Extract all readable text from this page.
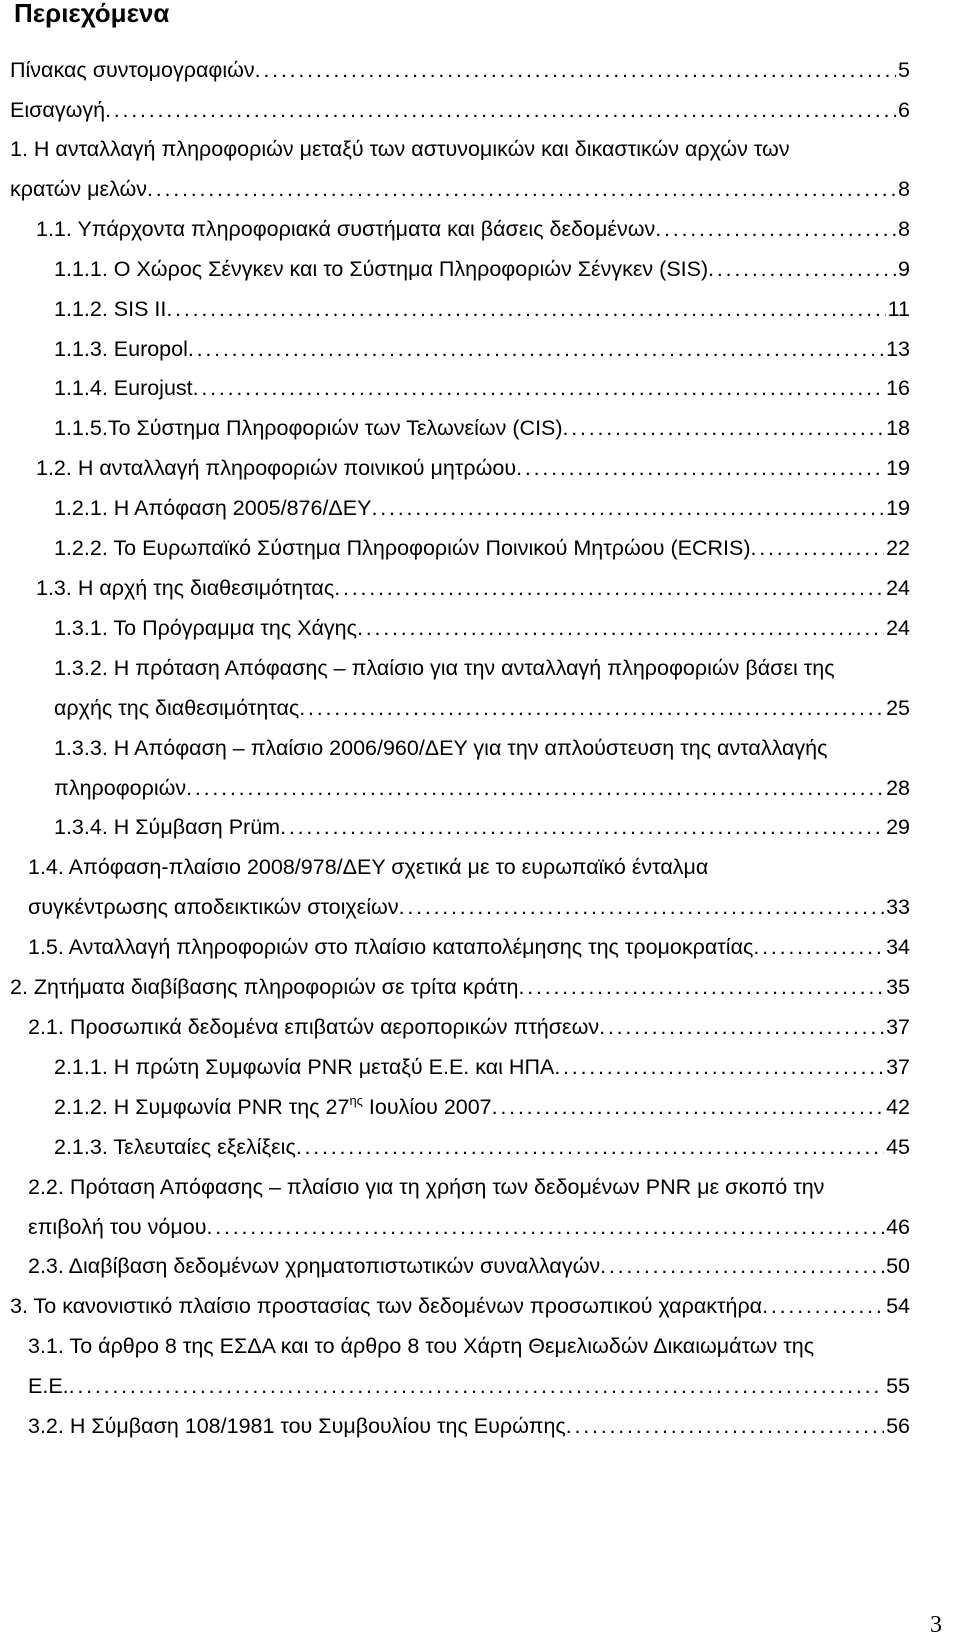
Περιεχόμενα
Πίνακας συντομογραφιών . . .	5
Εισαγωγή . . .	6
1. Η ανταλλαγή πληροφοριών μεταξύ των αστυνομικών και δικαστικών αρχών των
κρατών μελών . . .	8
1.1. Υπάρχοντα πληροφοριακά συστήματα και βάσεις δεδομένων . . .	8
1.1.1. Ο Χώρος Σένγκεν και το Σύστημα Πληροφοριών Σένγκεν (SIS) . . .	9
1.1.2. SIS II . . .	11
1.1.3. Europol . . .	13
1.1.4. Eurojust . . .	16
1.1.5.Το Σύστημα Πληροφοριών των Τελωνείων (CIS) . . .	18
1.2. Η ανταλλαγή πληροφοριών ποινικού μητρώου . . .	19
1.2.1. Η Απόφαση 2005/876/ΔΕΥ . . .	19
1.2.2. Το Ευρωπαϊκό Σύστημα Πληροφοριών Ποινικού Μητρώου (ECRIS) . . .	22
1.3. Η αρχή της διαθεσιμότητας . . .	24
1.3.1. Το Πρόγραμμα της Χάγης . . .	24
1.3.2. Η πρόταση Απόφασης – πλαίσιο για την ανταλλαγή πληροφοριών βάσει της
αρχής της διαθεσιμότητας . . .	25
1.3.3. Η Απόφαση – πλαίσιο 2006/960/ΔΕΥ για την απλούστευση της ανταλλαγής
πληροφοριών . . .	28
1.3.4. Η Σύμβαση Prüm . . .	29
1.4. Απόφαση-πλαίσιο 2008/978/ΔΕΥ σχετικά με το ευρωπαϊκό ένταλμα
συγκέντρωσης αποδεικτικών στοιχείων . . .	33
1.5. Ανταλλαγή πληροφοριών στο πλαίσιο καταπολέμησης της τρομοκρατίας . . .	34
2. Ζητήματα διαβίβασης πληροφοριών σε τρίτα κράτη . . .	35
2.1. Προσωπικά δεδομένα επιβατών αεροπορικών πτήσεων . . .	37
2.1.1. Η πρώτη Συμφωνία PNR μεταξύ Ε.Ε. και ΗΠΑ . . .	37
2.1.2. Η Συμφωνία PNR της $27^{\eta\varsigma}$ Ιουλίου 2007 . . .	42
2.1.3. Τελευταίες εξελίξεις . . .	45
2.2. Πρόταση Απόφασης – πλαίσιο για τη χρήση των δεδομένων PNR με σκοπό την
επιβολή του νόμου . . .	46
2.3. Διαβίβαση δεδομένων χρηματοπιστωτικών συναλλαγών . . .	50
3. Το κανονιστικό πλαίσιο προστασίας των δεδομένων προσωπικού χαρακτήρα . . .	54
3.1. Το άρθρο 8 της ΕΣΔΑ και το άρθρο 8 του Χάρτη Θεμελιωδών Δικαιωμάτων της
Ε.Ε. . . .	55
3.2. Η Σύμβαση 108/1981 του Συμβουλίου της Ευρώπης . . .	56
3
